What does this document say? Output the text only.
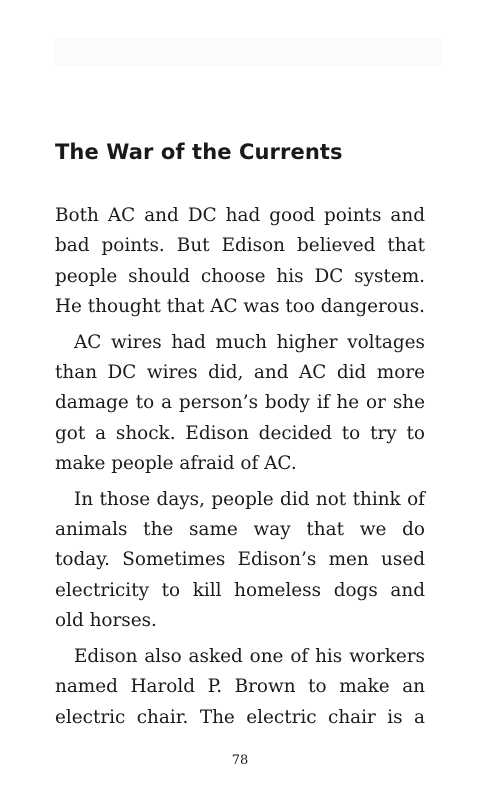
The War of the Currents

Both AC and DC had good points and bad points. But Edison believed that people should choose his DC system. He thought that AC was too dangerous.

AC wires had much higher voltages than DC wires did, and AC did more damage to a person’s body if he or she got a shock. Edison decided to try to make people afraid of AC.

In those days, people did not think of animals the same way that we do today. Sometimes Edison’s men used electricity to kill homeless dogs and old horses.

Edison also asked one of his workers named Harold P. Brown to make an electric chair. The electric chair is a

78
